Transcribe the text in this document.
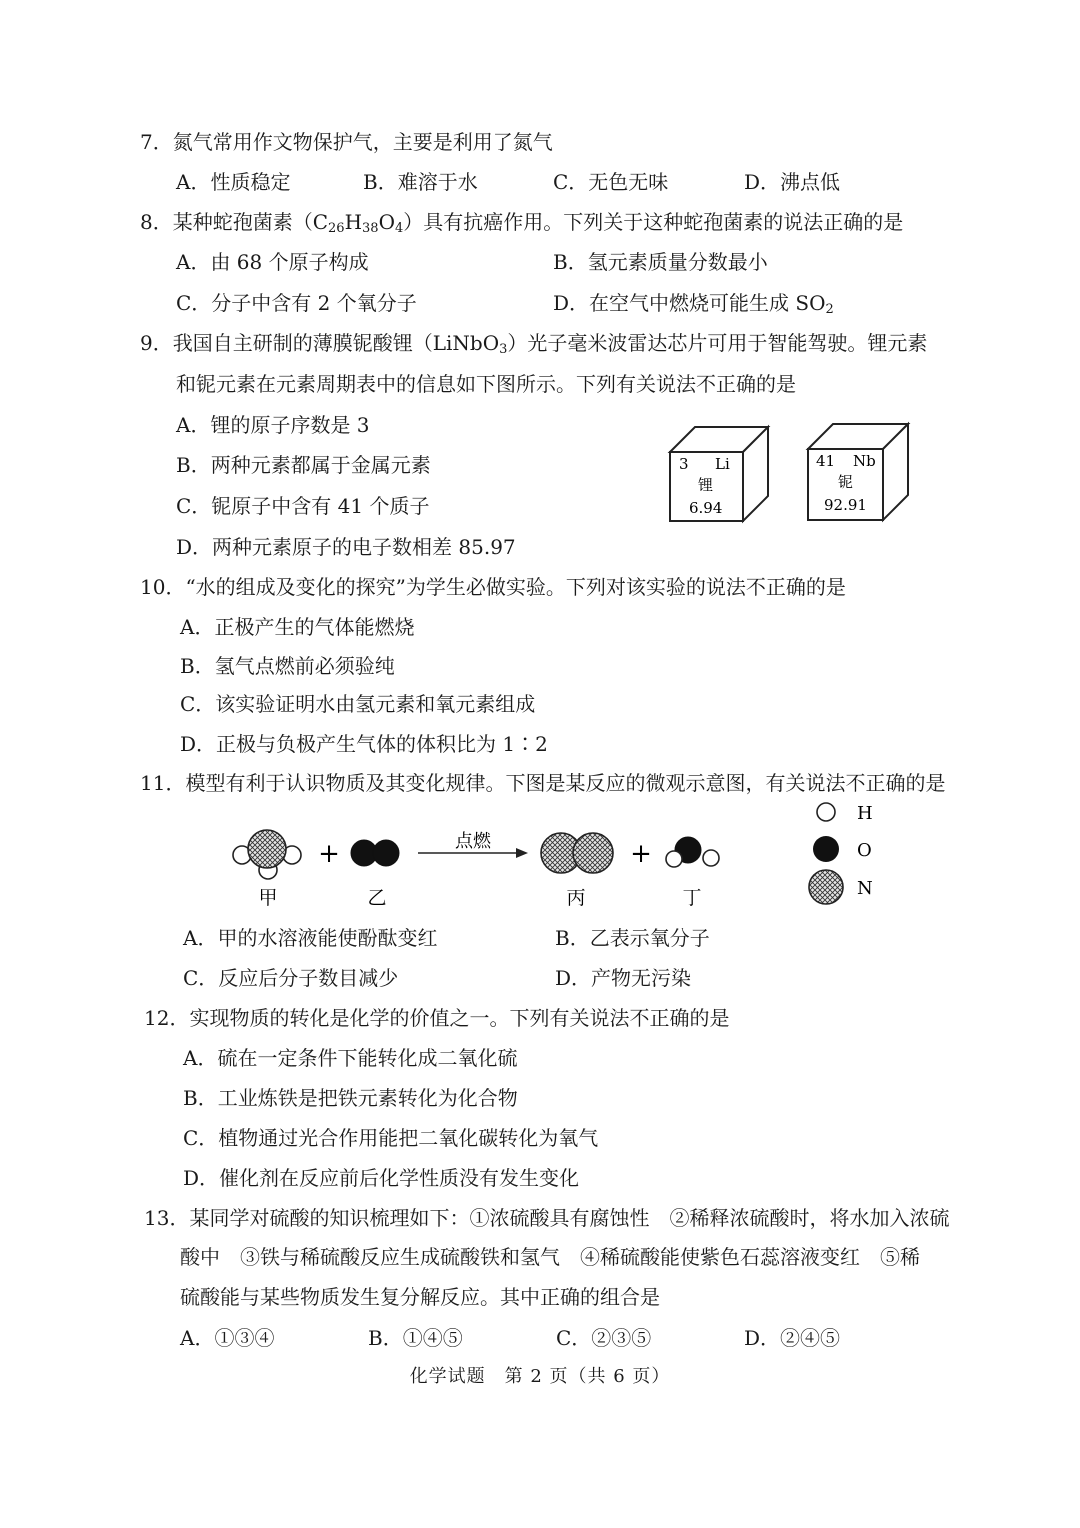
7．氮气常用作文物保护气，主要是利用了氮气
A．性质稳定	B．难溶于水	C．无色无味	D．沸点低
8．某种蛇孢菌素$(C_{26}H_{38}O_4)$具有抗癌作用。下列关于这种蛇孢菌素的说法正确的是
A．由 68 个原子构成	B．氢元素质量分数最小
C．分子中含有 2 个氧分子	D．在空气中燃烧可能生成 $SO_2$
9．我国自主研制的薄膜铌酸锂（LiNbO$_3$）光子毫米波雷达芯片可用于智能驾驶。锂元素
和铌元素在元素周期表中的信息如下图所示。下列有关说法不正确的是
A．锂的原子序数是 3
B．两种元素都属于金属元素
C．铌原子中含有 41 个质子
D．两种元素原子的电子数相差 85.97
3 Li
锂
6.94
41 Nb
铌
92.91
10．“水的组成及变化的探究”为学生必做实验。下列对该实验的说法不正确的是
A．正极产生的气体能燃烧
B．氢气点燃前必须验纯
C．该实验证明水由氢元素和氧元素组成
D．正极与负极产生气体的体积比为 1∶2
11．模型有利于认识物质及其变化规律。下图是某反应的微观示意图，有关说法不正确的是
甲
+
乙
点燃
丙
+
丁
H
O
N
A．甲的水溶液能使酚酞变红	B．乙表示氧分子
C．反应后分子数目减少	D．产物无污染
12．实现物质的转化是化学的价值之一。下列有关说法不正确的是
A．硫在一定条件下能转化成二氧化硫
B．工业炼铁是把铁元素转化为化合物
C．植物通过光合作用能把二氧化碳转化为氧气
D．催化剂在反应前后化学性质没有发生变化
13．某同学对硫酸的知识梳理如下：①浓硫酸具有腐蚀性　②稀释浓硫酸时，将水加入浓硫
酸中　③铁与稀硫酸反应生成硫酸铁和氢气　④稀硫酸能使紫色石蕊溶液变红　⑤稀
硫酸能与某些物质发生复分解反应。其中正确的组合是
A．①③④	B．①④⑤	C．②③⑤	D．②④⑤
化学试题　第 2 页（共 6 页）
